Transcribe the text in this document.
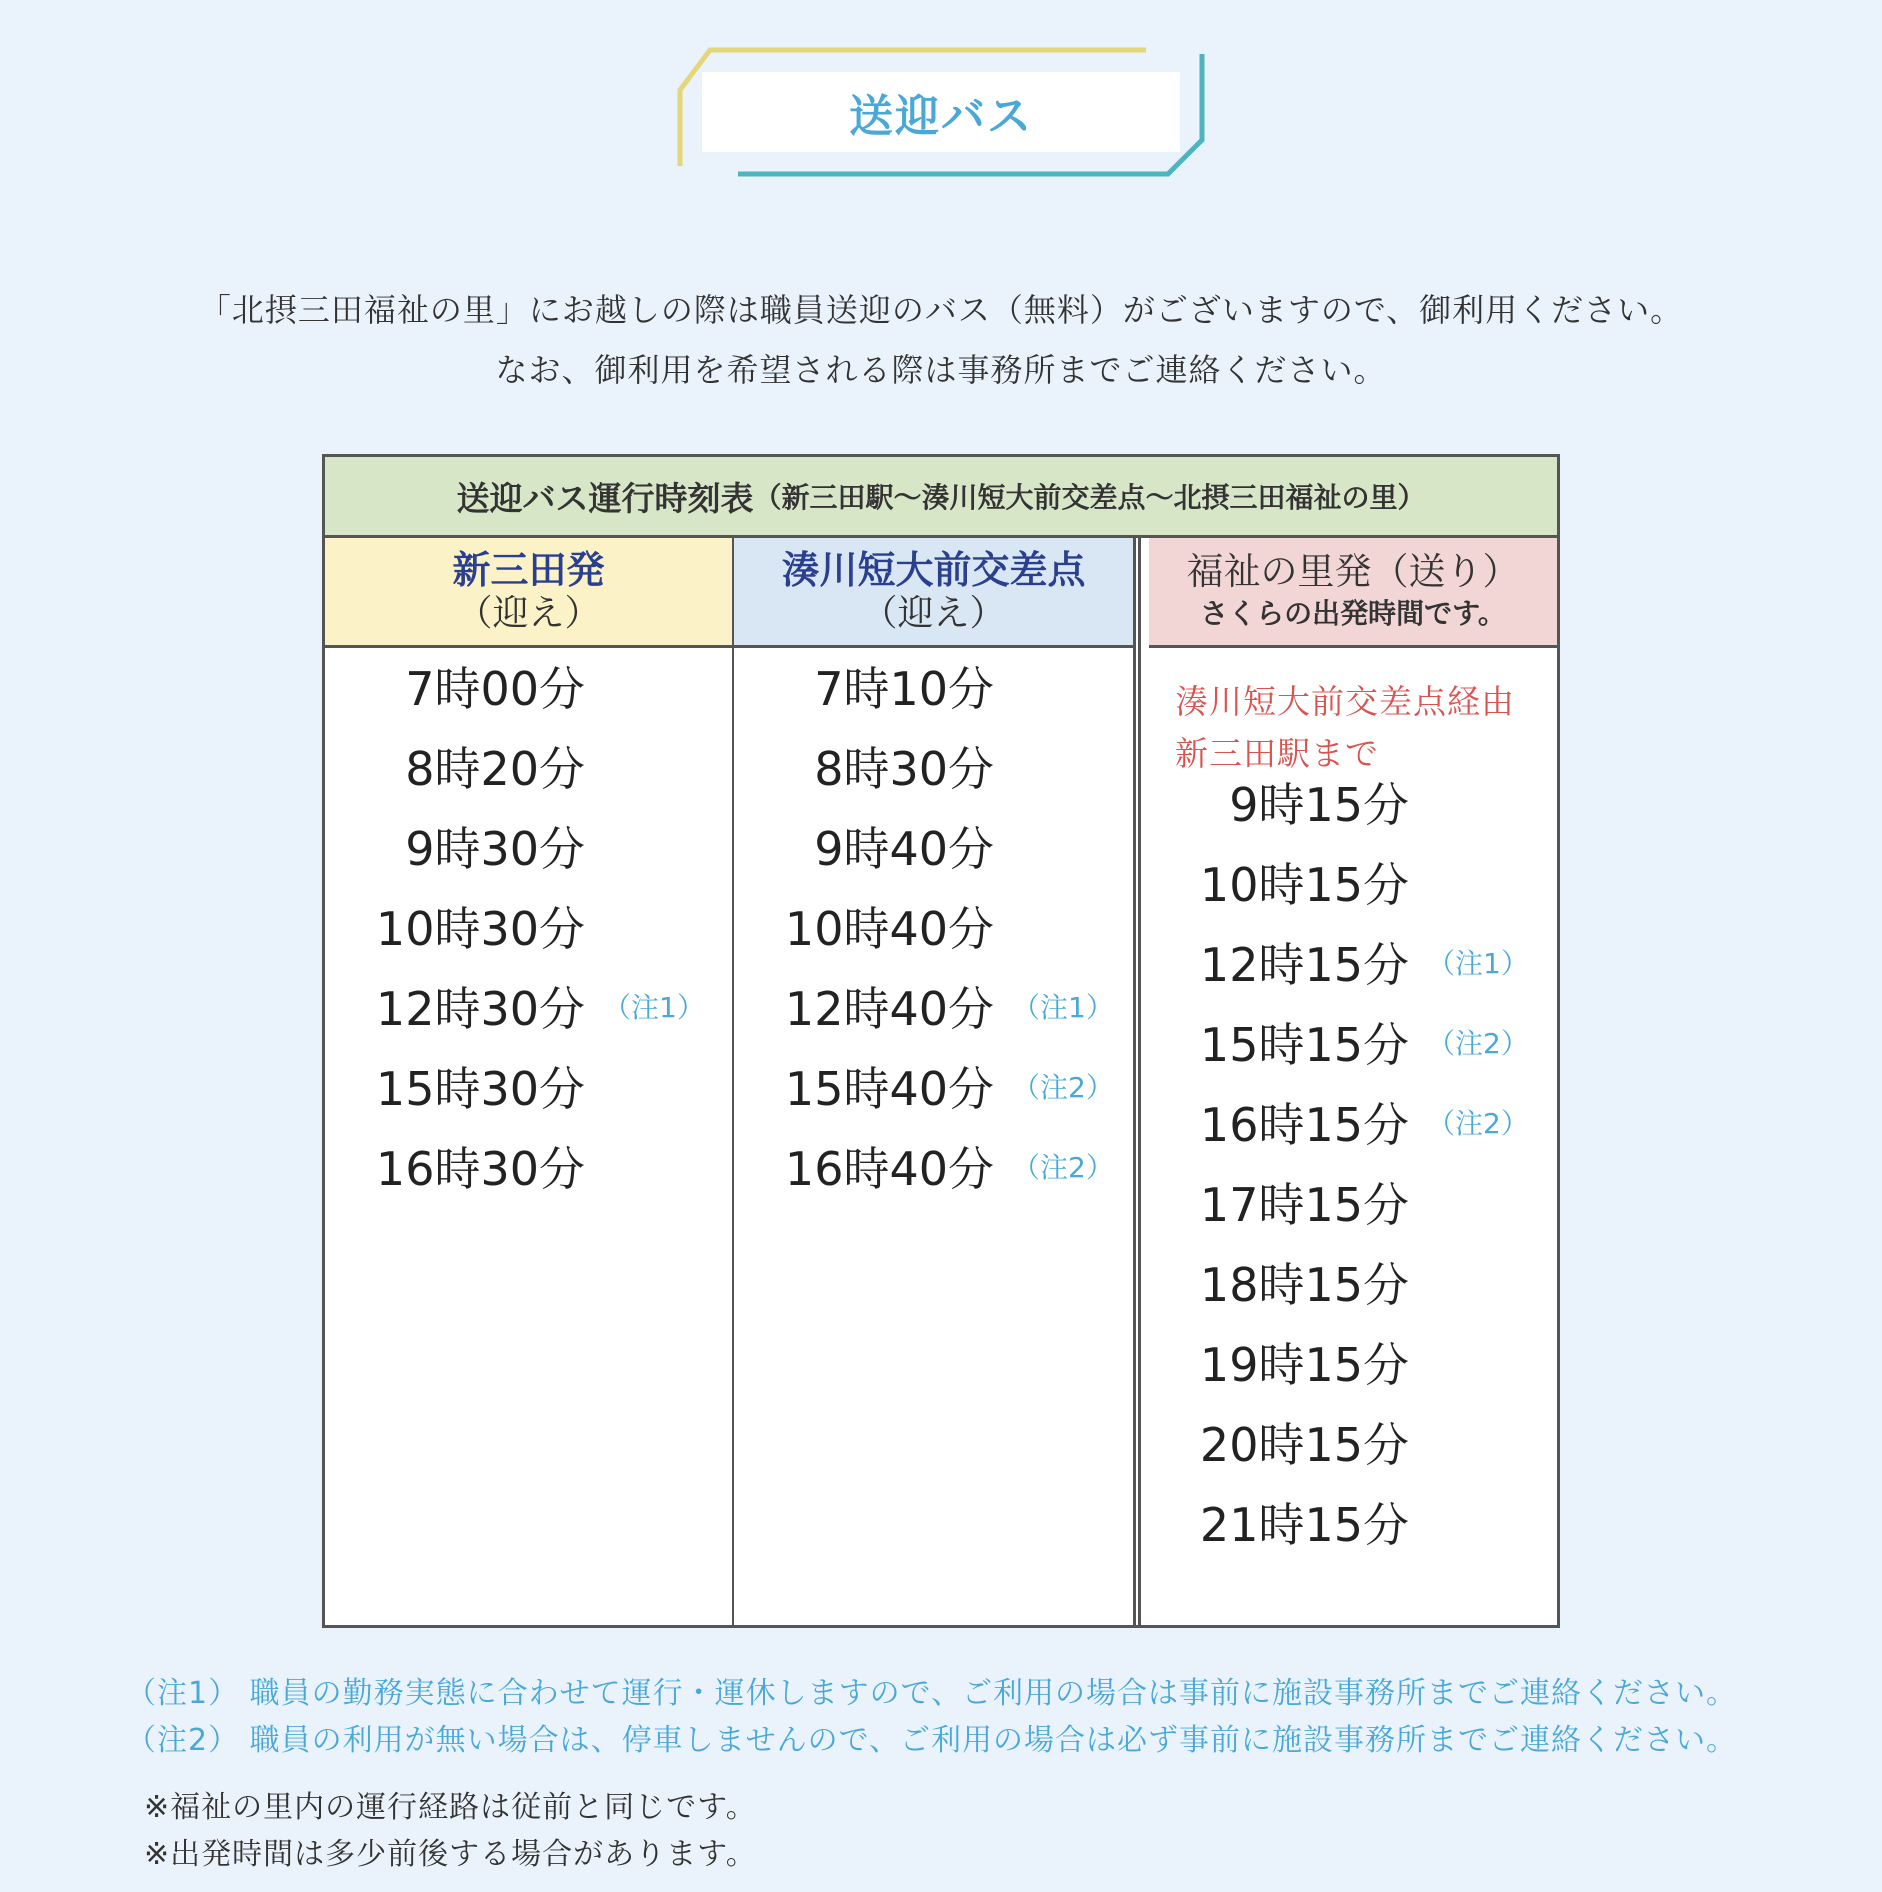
送迎バス
「北摂三田福祉の里」にお越しの際は職員送迎のバス（無料）がございますので、御利用ください。
なお、御利用を希望される際は事務所までご連絡ください。
送迎バス運行時刻表 （新三田駅〜湊川短大前交差点〜北摂三田福祉の里）
新三田発
（迎え）
7時00分
8時20分
9時30分
10時30分
12時30分 （注1）
15時30分
16時30分
湊川短大前交差点
（迎え）
7時10分
8時30分
9時40分
10時40分
12時40分 （注1）
15時40分 （注2）
16時40分 （注2）
福祉の里発（送り）
さくらの出発時間です。
湊川短大前交差点経由
新三田駅まで
9時15分
10時15分
12時15分 （注1）
15時15分 （注2）
16時15分 （注2）
17時15分
18時15分
19時15分
20時15分
21時15分
（注1） 職員の勤務実態に合わせて運行・運休しますので、ご利用の場合は事前に施設事務所までご連絡ください。
（注2） 職員の利用が無い場合は、停車しませんので、ご利用の場合は必ず事前に施設事務所までご連絡ください。
※福祉の里内の運行経路は従前と同じです。
※出発時間は多少前後する場合があります。
